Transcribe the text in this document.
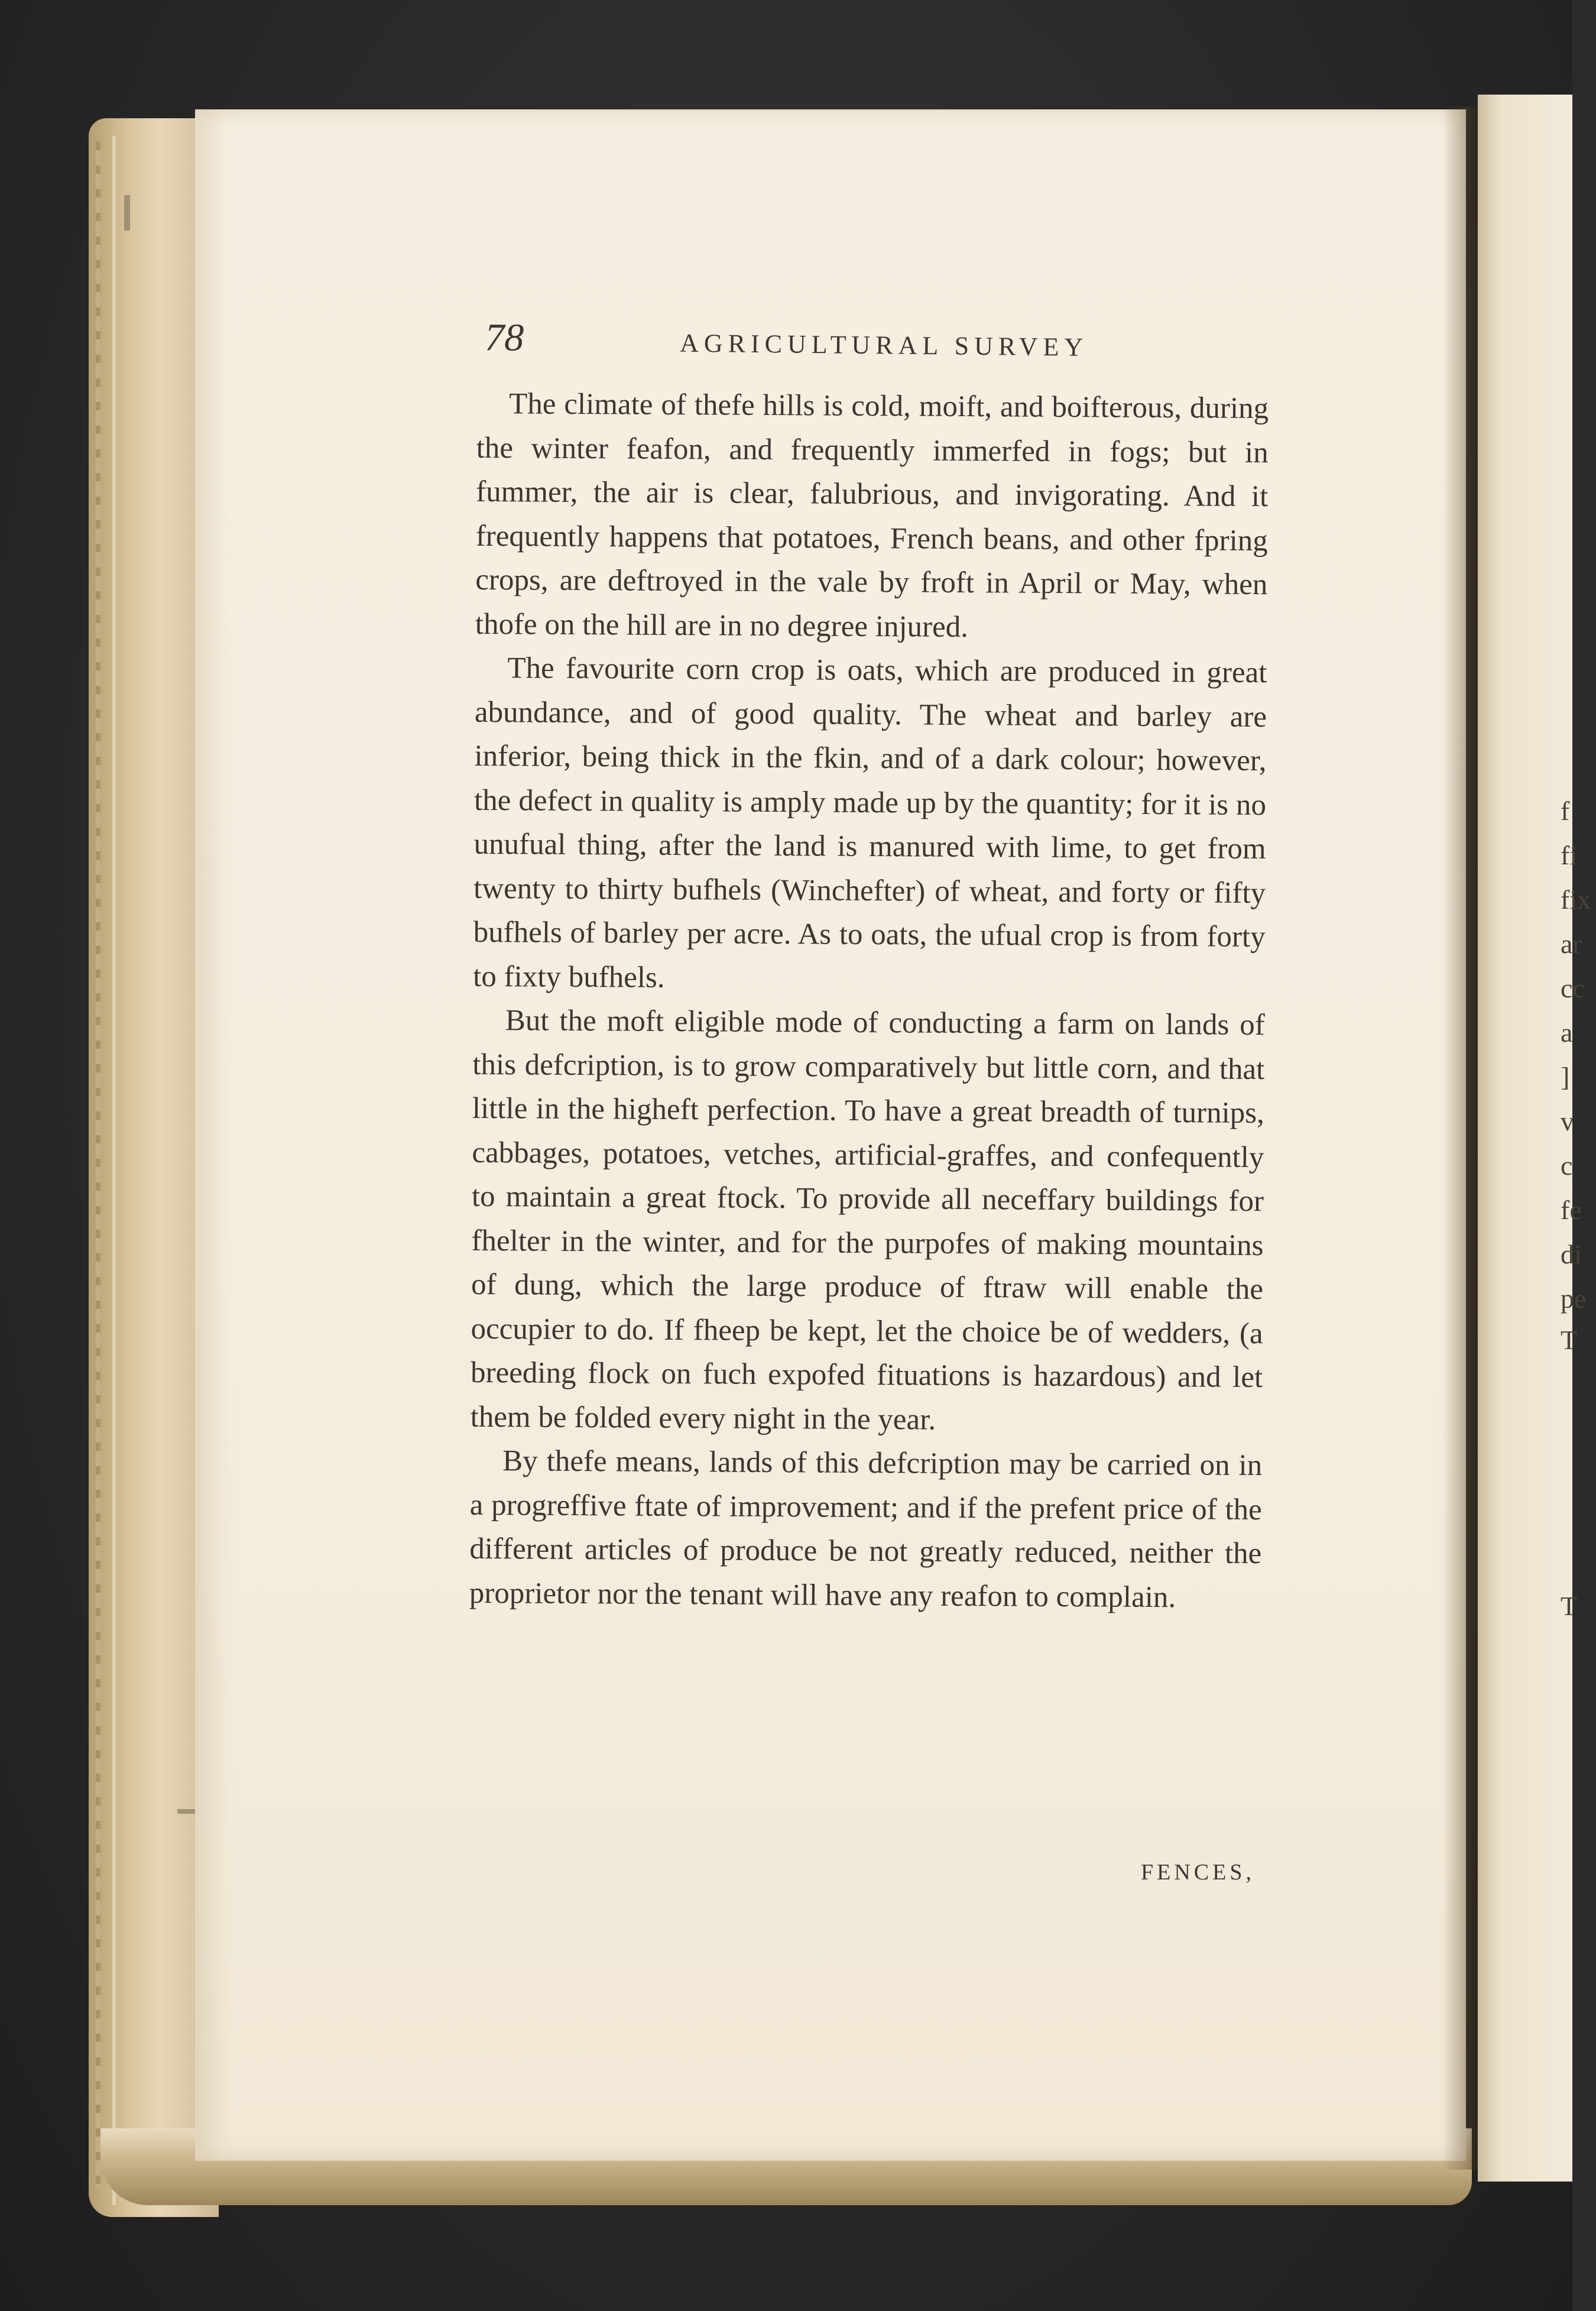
f
fi
fix
ar
cc
a
]
v
c
fe
di
pe
T
T
78	AGRICULTURAL SURVEY

The climate of thefe hills is cold, moift, and boifterous, during the winter feafon, and frequently immerfed in fogs; but in fummer, the air is clear, falubrious, and invigorating. And it frequently happens that potatoes, French beans, and other fpring crops, are deftroyed in the vale by froft in April or May, when thofe on the hill are in no degree injured.

The favourite corn crop is oats, which are produced in great abundance, and of good quality. The wheat and barley are inferior, being thick in the fkin, and of a dark colour; however, the defect in quality is amply made up by the quantity; for it is no unufual thing, after the land is manured with lime, to get from twenty to thirty bufhels (Winchefter) of wheat, and forty or fifty bufhels of barley per acre. As to oats, the ufual crop is from forty to fixty bufhels.

But the moft eligible mode of conducting a farm on lands of this defcription, is to grow comparatively but little corn, and that little in the higheft perfection. To have a great breadth of turnips, cabbages, potatoes, vetches, artificial-graffes, and confequently to maintain a great ftock. To provide all neceffary buildings for fhelter in the winter, and for the purpofes of making mountains of dung, which the large produce of ftraw will enable the occupier to do. If fheep be kept, let the choice be of wedders, (a breeding flock on fuch expofed fituations is hazardous) and let them be folded every night in the year.

By thefe means, lands of this defcription may be carried on in a progreffive ftate of improvement; and if the prefent price of the different articles of produce be not greatly reduced, neither the proprietor nor the tenant will have any reafon to complain.

FENCES,
